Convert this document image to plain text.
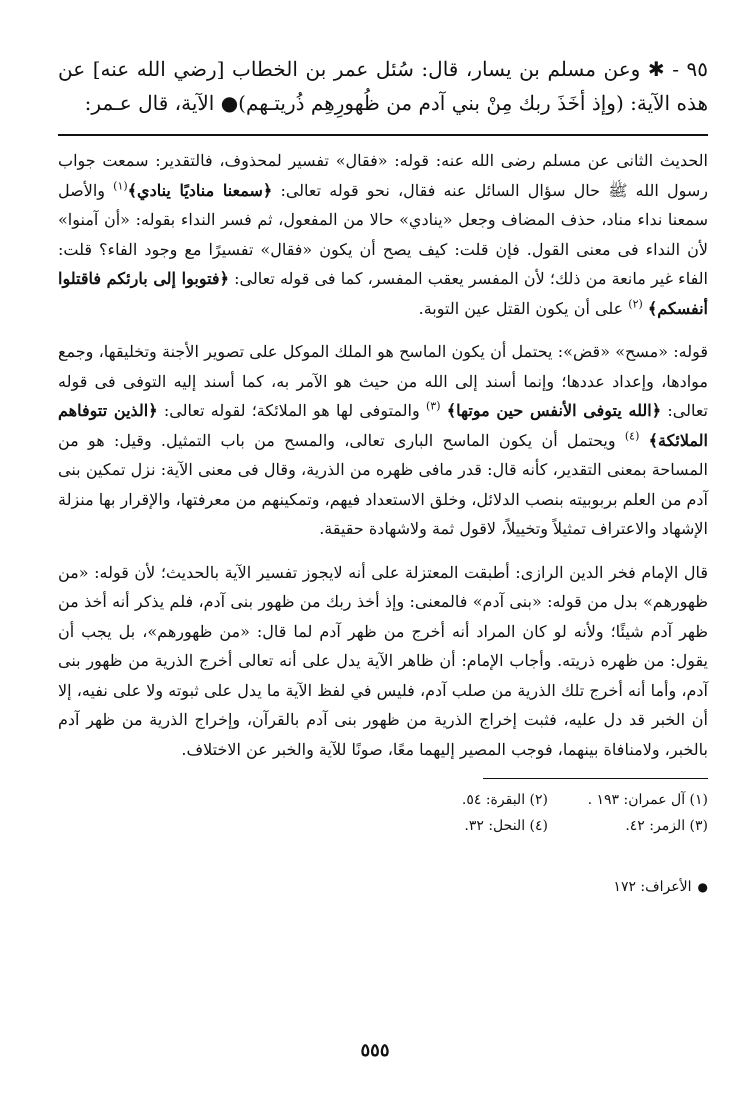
٩٥ - ✱ وعن مسلم بن يسار، قال: سُئل عمر بن الخطاب [رضي الله عنه] عن هذه الآية: (وإذ أخَذَ ربك مِنْ بني آدم من ظُهورِهِم ذُريتـهم)● الآية، قال عـمر:

الحديث الثانى عن مسلم رضى الله عنه: قوله: «فقال» تفسير لمحذوف، فالتقدير: سمعت جواب رسول الله ﷺ حال سؤال السائل عنه فقال، نحو قوله تعالى: ﴿سمعنا مناديًا ينادي﴾$^{(١)}$ والأصل سمعنا نداء مناد، حذف المضاف وجعل «ينادي» حالا من المفعول، ثم فسر النداء بقوله: «أن آمنوا» لأن النداء فى معنى القول. فإن قلت: كيف يصح أن يكون «فقال» تفسيرًا مع وجود الفاء؟ قلت: الفاء غير مانعة من ذلك؛ لأن المفسر يعقب المفسر، كما فى قوله تعالى: ﴿فتوبوا إلى بارئكم فاقتلوا أنفسكم﴾ $^{(٢)}$ على أن يكون القتل عين التوبة.

قوله: «مسح» «قض»: يحتمل أن يكون الماسح هو الملك الموكل على تصوير الأجنة وتخليقها، وجمع موادها، وإعداد عددها؛ وإنما أسند إلى الله من حيث هو الآمر به، كما أسند إليه التوفى فى قوله تعالى: ﴿الله يتوفى الأنفس حين موتها﴾ $^{(٣)}$ والمتوفى لها هو الملائكة؛ لقوله تعالى: ﴿الذين تتوفاهم الملائكة﴾ $^{(٤)}$ ويحتمل أن يكون الماسح البارى تعالى، والمسح من باب التمثيل. وقيل: هو من المساحة بمعنى التقدير، كأنه قال: قدر مافى ظهره من الذرية، وقال فى معنى الآية: نزل تمكين بنى آدم من العلم بربوبيته بنصب الدلائل، وخلق الاستعداد فيهم، وتمكينهم من معرفتها، والإقرار بها منزلة الإشهاد والاعتراف تمثيلاً وتخييلاً، لاقول ثمة ولاشهادة حقيقة.

قال الإمام فخر الدين الرازى: أطبقت المعتزلة على أنه لايجوز تفسير الآية بالحديث؛ لأن قوله: «من ظهورهم» بدل من قوله: «بنى آدم» فالمعنى: وإذ أخذ ربك من ظهور بنى آدم، فلم يذكر أنه أخذ من ظهر آدم شيئًا؛ ولأنه لو كان المراد أنه أخرج من ظهر آدم لما قال: «من ظهورهم»، بل يجب أن يقول: من ظهره ذريته. وأجاب الإمام: أن ظاهر الآية يدل على أنه تعالى أخرج الذرية من ظهور بنى آدم، وأما أنه أخرج تلك الذرية من صلب آدم، فليس في لفظ الآية ما يدل على ثبوته ولا على نفيه، إلا أن الخبر قد دل عليه، فثبت إخراج الذرية من ظهور بنى آدم بالقرآن، وإخراج الذرية من ظهر آدم بالخبر، ولامنافاة بينهما، فوجب المصير إليهما معًا، صونًا للآية والخبر عن الاختلاف.

(١) آل عمران: ١٩٣ .
(٢) البقرة: ٥٤.
(٣) الزمر: ٤٢.
(٤) النحل: ٣٢.
●الأعراف: ١٧٢
٥٥٥
